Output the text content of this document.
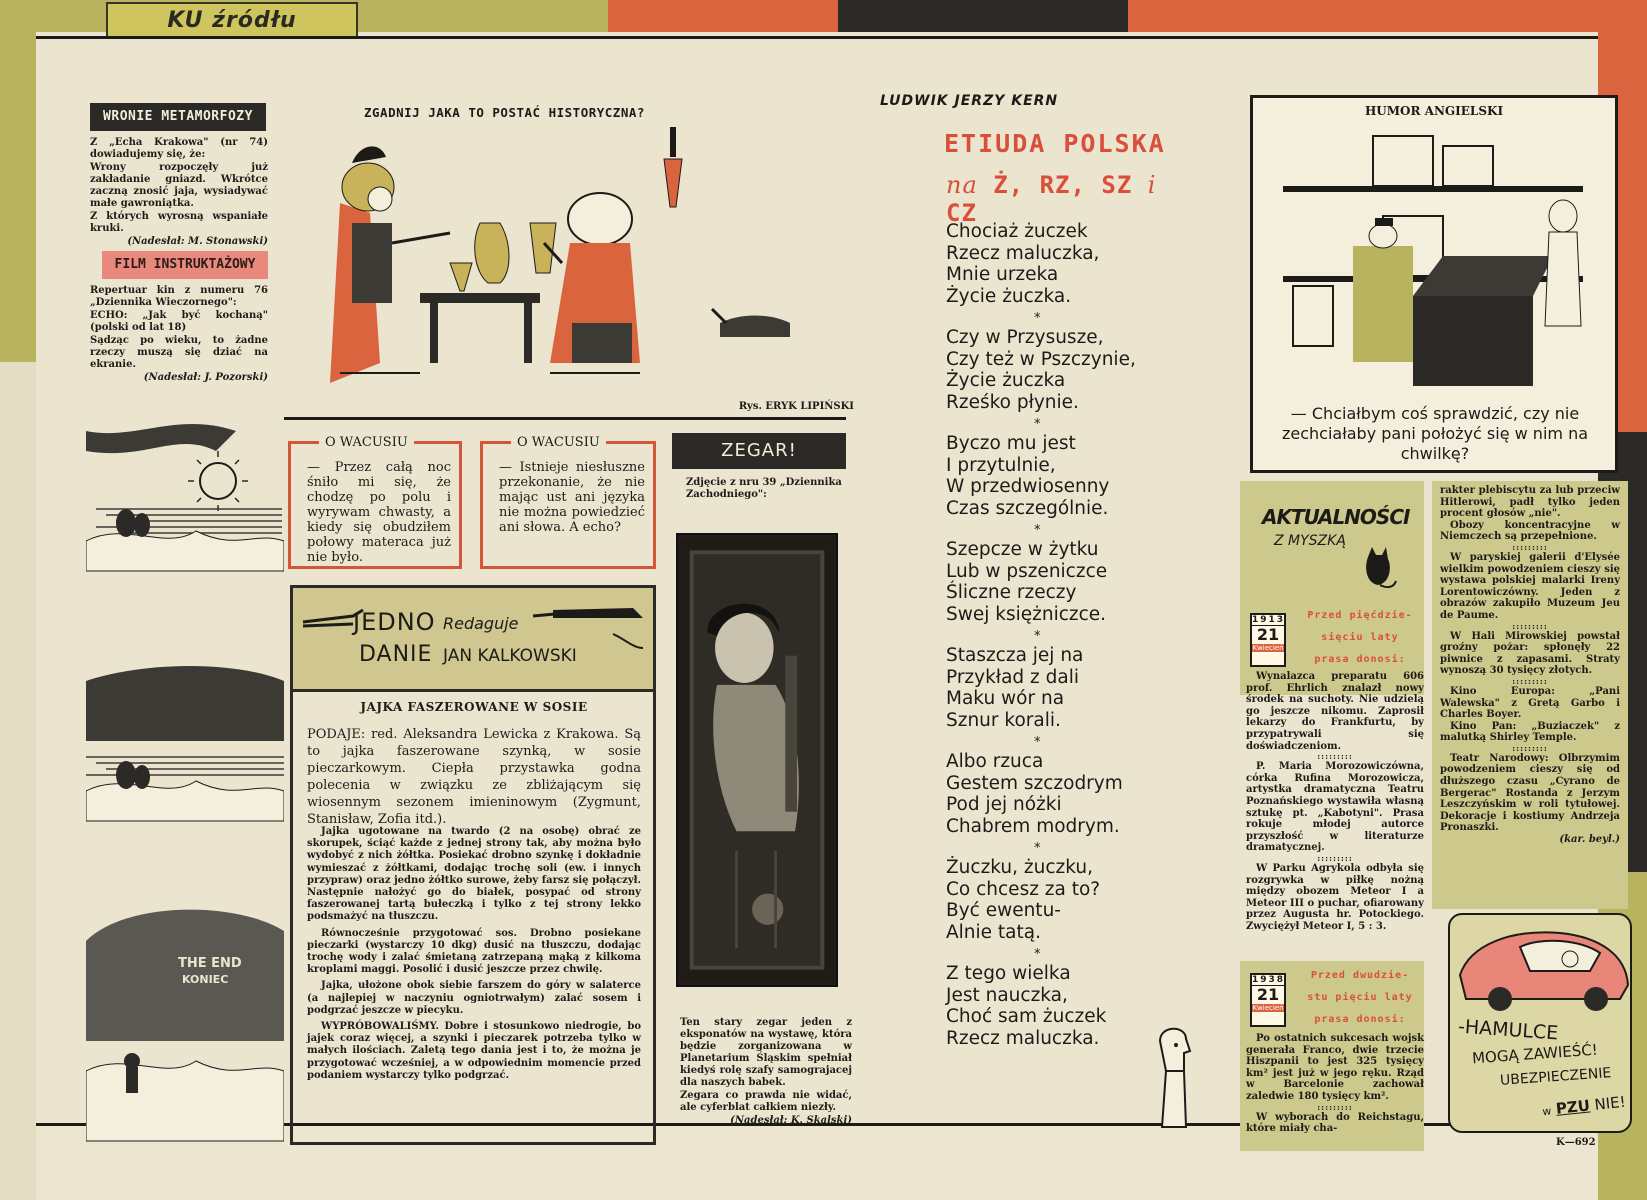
KU źródłu
WRONIE METAMORFOZY

Z „Echa Krakowa" (nr 74) dowiadujemy się, że:

Wrony rozpoczęły już zakładanie gniazd. Wkrótce zaczną znosić jaja, wysiadywać małe gawroniątka.

Z których wyrosną wspaniałe kruki.

(Nadesłał: M. Stonawski)

FILM INSTRUKTAŻOWY

Repertuar kin z numeru 76 „Dziennika Wieczornego":

ECHO: „Jak być kochaną" (polski od lat 18)

Sądząc po wieku, to żadne rzeczy muszą się dziać na ekranie.

(Nadesłał: J. Pozorski)

THE END
KONIEC
ZGADNIJ JAKA TO POSTAĆ HISTORYCZNA?
Rys. ERYK LIPIŃSKI
O WACUSIU

— Przez całą noc śniło mi się, że chodzę po polu i wyrywam chwasty, a kiedy się obudziłem połowy materaca już nie było.

O WACUSIU

— Istnieje niesłuszne przekonanie, że nie mając ust ani języka nie można powiedzieć ani słowa. A echo?

ZEGAR!
Zdjęcie z nru 39 „Dziennika Zachodniego":

Ten stary zegar jeden z eksponatów na wystawę, która będzie zorganizowana w Planetarium Śląskim spełniał kiedyś rolę szafy samograjacej dla naszych babek.

Zegara co prawda nie widać, ale cyferblat całkiem niezły.

(Nadesłał: K. Skalski)

JEDNO Redaguje
DANIE JAN KALKOWSKI
JAJKA FASZEROWANE W SOSIE
PODAJE: red. Aleksandra Lewicka z Krakowa. Są to jajka faszerowane szynką, w sosie pieczarkowym. Ciepła przystawka godna polecenia w związku ze zbliżającym się wiosennym sezonem imieninowym (Zygmunt, Stanisław, Zofia itd.).

Jajka ugotowane na twardo (2 na osobę) obrać ze skorupek, ściąć każde z jednej strony tak, aby można było wydobyć z nich żółtka. Posiekać drobno szynkę i dokładnie wymieszać z żółtkami, dodając trochę soli (ew. i innych przypraw) oraz jedno żółtko surowe, żeby farsz się połączył. Następnie nałożyć go do białek, posypać od strony faszerowanej tartą bułeczką i tylko z tej strony lekko podsmażyć na tłuszczu.

Równocześnie przygotować sos. Drobno posiekane pieczarki (wystarczy 10 dkg) dusić na tłuszczu, dodając trochę wody i zalać śmietaną zatrzepaną mąką z kilkoma kroplami maggi. Posolić i dusić jeszcze przez chwilę.

Jajka, ułożone obok siebie farszem do góry w salaterce (a najlepiej w naczyniu ogniotrwałym) zalać sosem i podgrzać jeszcze w piecyku.

WYPRÓBOWALIŚMY. Dobre i stosunkowo niedrogie, bo jajek coraz więcej, a szynki i pieczarek potrzeba tylko w małych ilościach. Zaletą tego dania jest i to, że można je przygotować wcześniej, a w odpowiednim momencie przed podaniem wystarczy tylko podgrzać.

LUDWIK JERZY KERN
ETIUDA POLSKA
na Ż, RZ, SZ i CZ
Chociaż żuczek
Rzecz maluczka,
Mnie urzeka
Życie żuczka.
*
Czy w Przysusze,
Czy też w Pszczynie,
Życie żuczka
Rześko płynie.
*
Byczo mu jest
I przytulnie,
W przedwiosenny
Czas szczególnie.
*
Szepcze w żytku
Lub w pszeniczce
Śliczne rzeczy
Swej księżniczce.
*
Staszcza jej na
Przykład z dali
Maku wór na
Sznur korali.
*
Albo rzuca
Gestem szczodrym
Pod jej nóżki
Chabrem modrym.
*
Żuczku, żuczku,
Co chcesz za to?
Być ewentu-
Alnie tatą.
*
Z tego wielka
Jest nauczka,
Choć sam żuczek
Rzecz maluczka.
HUMOR ANGIELSKI
— Chciałbym coś sprawdzić, czy nie zechciałaby pani położyć się w nim na chwilkę?
AKTUALNOŚCI
Z MYSZKĄ
1913
21
Kwiecień
Przed pięćdzie-
sięciu laty
prasa donosi:

Wynalazca preparatu 606 prof. Ehrlich znalazł nowy środek na suchoty. Nie udzielą go jeszcze nikomu. Zaprosił lekarzy do Frankfurtu, by przypatrywali się doświadczeniom.

:::::::::

P. Maria Morozowiczówna, córka Rufina Morozowicza, artystka dramatyczna Teatru Poznańskiego wystawiła własną sztukę pt. „Kabotyni". Prasa rokuje młodej autorce przyszłość w literaturze dramatycznej.

:::::::::

W Parku Agrykola odbyła się rozgrywka w piłkę nożną między obozem Meteor I a Meteor III o puchar, ofiarowany przez Augusta hr. Potockiego. Zwyciężył Meteor I, 5 : 3.

1938
21
Kwiecień
Przed dwudzie-
stu pięciu laty
prasa donosi:

Po ostatnich sukcesach wojsk generała Franco, dwie trzecie Hiszpanii to jest 325 tysięcy km² jest już w jego ręku. Rząd w Barcelonie zachował zaledwie 180 tysięcy km².

:::::::::

W wyborach do Reichstagu, które miały cha-

rakter plebiscytu za lub przeciw Hitlerowi, padł tylko jeden procent głosów „nie".

Obozy koncentracyjne w Niemczech są przepełnione.

:::::::::

W paryskiej galerii d'Elysée wielkim powodzeniem cieszy się wystawa polskiej malarki Ireny Lorentowiczówny. Jeden z obrazów zakupiło Muzeum Jeu de Paume.

:::::::::

W Hali Mirowskiej powstał groźny pożar: spłonęły 22 piwnice z zapasami. Straty wynoszą 30 tysięcy złotych.

:::::::::

Kino Europa: „Pani Walewska" z Gretą Garbo i Charles Boyer.

Kino Pan: „Buziaczek" z malutką Shirley Temple.

:::::::::

Teatr Narodowy: Olbrzymim powodzeniem cieszy się od dłuższego czasu „Cyrano de Bergerac" Rostanda z Jerzym Leszczyńskim w roli tytułowej. Dekoracje i kostiumy Andrzeja Pronaszki.

(kar. beyl.)

-HAMULCE
MOGĄ ZAWIEŚĆ!
UBEZPIECZENIE
w PZU NIE!
K—692
